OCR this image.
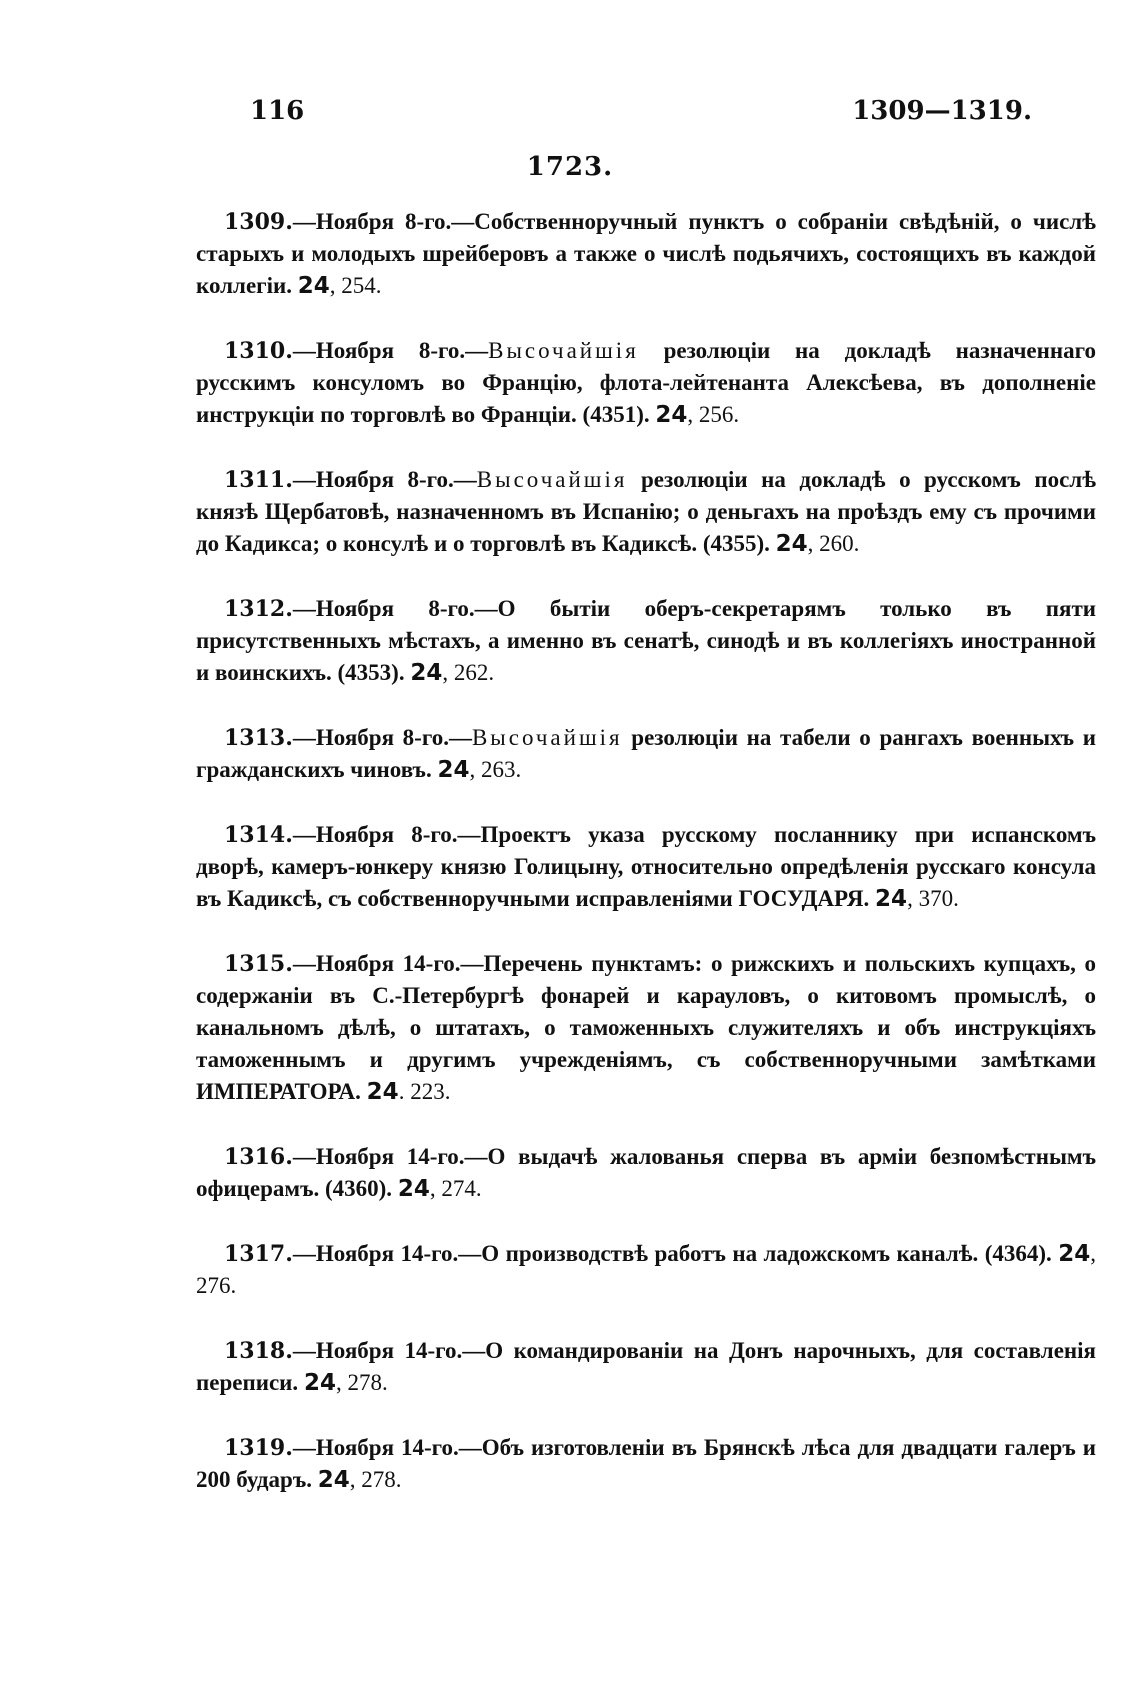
116	1309—1319.
1723.

1309.—Ноября 8-го.—Собственноручный пунктъ о собраніи свѣдѣній, о числѣ старыхъ и молодыхъ шрейберовъ а также о числѣ подьячихъ, состоящихъ въ каждой коллегіи. 24, 254.

1310.—Ноября 8-го.—Высочайшія резолюціи на докладѣ назначеннаго русскимъ консуломъ во Францію, флота-лейтенанта Алексѣева, въ дополненіе инструкціи по торговлѣ во Франціи. (4351). 24, 256.

1311.—Ноября 8-го.—Высочайшія резолюціи на докладѣ о русскомъ послѣ князѣ Щербатовѣ, назначенномъ въ Испанію; о деньгахъ на проѣздъ ему съ прочими до Кадикса; о консулѣ и о торговлѣ въ Кадиксѣ. (4355). 24, 260.

1312.—Ноября 8-го.—О бытіи оберъ-секретарямъ только въ пяти присутственныхъ мѣстахъ, а именно въ сенатѣ, синодѣ и въ коллегіяхъ иностранной и воинскихъ. (4353). 24, 262.

1313.—Ноября 8-го.—Высочайшія резолюціи на табели о рангахъ военныхъ и гражданскихъ чиновъ. 24, 263.

1314.—Ноября 8-го.—Проектъ указа русскому посланнику при испанскомъ дворѣ, камеръ-юнкеру князю Голицыну, относительно опредѣленія русскаго консула въ Кадиксѣ, съ собственноручными исправленіями ГОСУДАРЯ. 24, 370.

1315.—Ноября 14-го.—Перечень пунктамъ: о рижскихъ и польскихъ купцахъ, о содержаніи въ С.-Петербургѣ фонарей и карауловъ, о китовомъ промыслѣ, о канальномъ дѣлѣ, о штатахъ, о таможенныхъ служителяхъ и объ инструкціяхъ таможеннымъ и другимъ учрежденіямъ, съ собственноручными замѣтками ИМПЕРАТОРА. 24. 223.

1316.—Ноября 14-го.—О выдачѣ жалованья сперва въ арміи безпомѣстнымъ офицерамъ. (4360). 24, 274.

1317.—Ноября 14-го.—О производствѣ работъ на ладожскомъ каналѣ. (4364). 24, 276.

1318.—Ноября 14-го.—О командированіи на Донъ нарочныхъ, для составленія переписи. 24, 278.

1319.—Ноября 14-го.—Объ изготовленіи въ Брянскѣ лѣса для двадцати галеръ и 200 бударъ. 24, 278.
